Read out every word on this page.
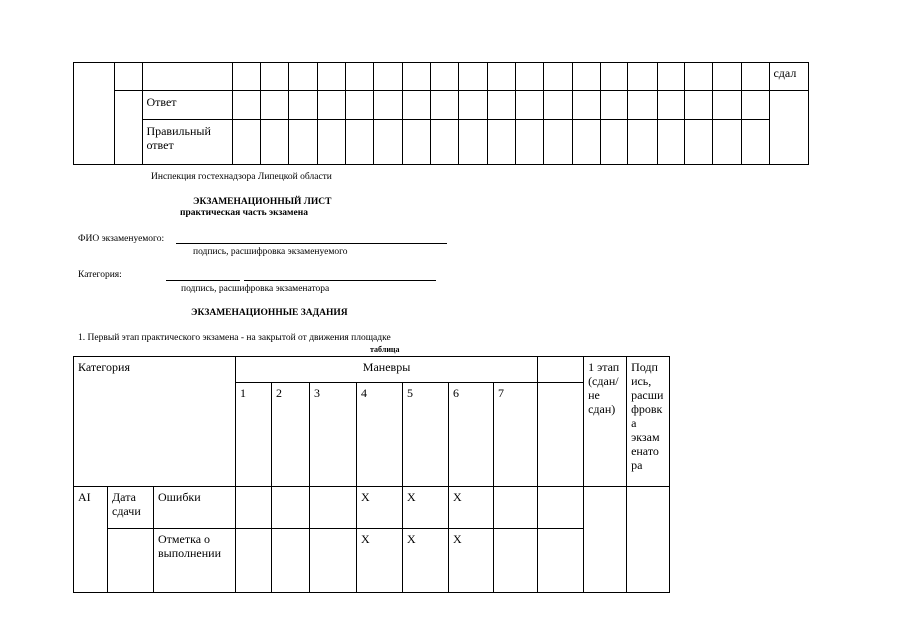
																						сдал
		Ответ																				
		Правильный ответ																				
Инспекция гостехнадзора Липецкой области
ЭКЗАМЕНАЦИОННЫЙ ЛИСТ
практическая часть экзамена
ФИО экзаменуемого:
подпись, расшифровка экзаменуемого
Категория:
подпись, расшифровка экзаменатора
ЭКЗАМЕНАЦИОННЫЕ ЗАДАНИЯ
1. Первый этап практического экзамена - на закрытой от движения площадке
таблица
Категория			Маневры								1 этап (сдан/ не сдан)	Подп ись, расши фровк а экзам енато ра
			1	2	3	4	5	6	7			
AI	Дата сдачи	Ошибки				X	X	X				
		Отметка о выполнении				X	X	X				
